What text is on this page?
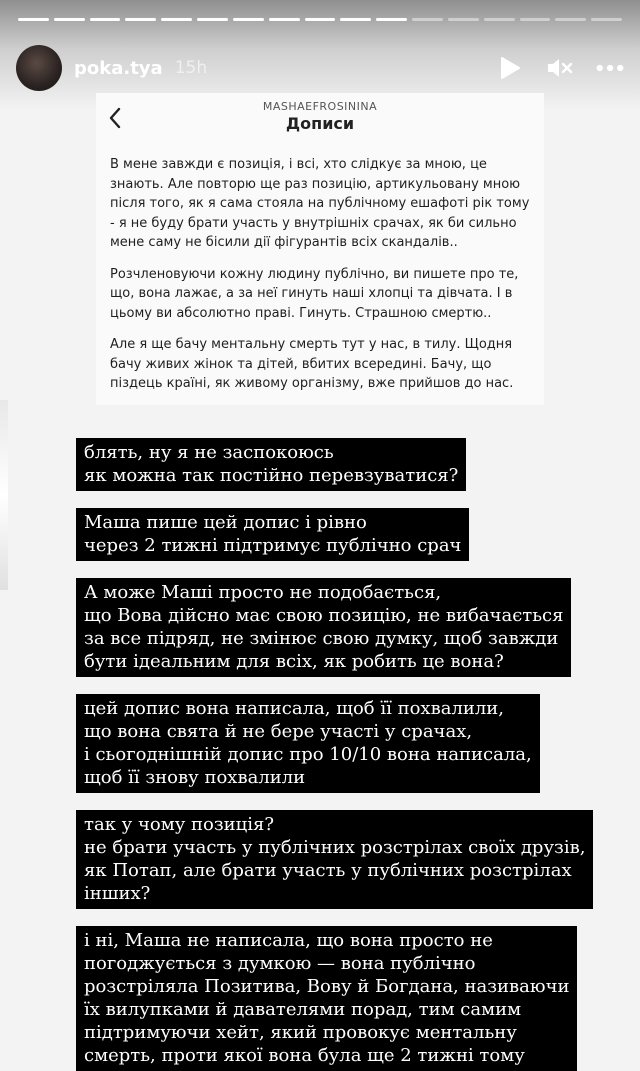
poka.tya 15h
MASHAEFROSININA
Дописи

В мене завжди є позиція, і всі, хто слідкує за мною, це знають. Але повторю ще раз позицію, артикульовану мною після того, як я сама стояла на публічному ешафоті рік тому - я не буду брати участь у внутрішніх срачах, як би сильно мене саму не бісили дії фігурантів всіх скандалів..

Розчленовуючи кожну людину публічно, ви пишете про те, що, вона лажає, а за неї гинуть наші хлопці та дівчата. І в цьому ви абсолютно праві. Гинуть. Страшною смертю..

Але я ще бачу ментальну смерть тут у нас, в тилу. Щодня бачу живих жінок та дітей, вбитих всередині. Бачу, що піздець країні, як живому організму, вже прийшов до нас.

блять, ну я не заспокоюсь
як можна так постійно перевзуватися?
Маша пише цей допис і рівно
через 2 тижні підтримує публічно срач
А може Маші просто не подобається,
що Вова дійсно має свою позицію, не вибачається
за все підряд, не змінює свою думку, щоб завжди
бути ідеальним для всіх, як робить це вона?
цей допис вона написала, щоб її похвалили,
що вона свята й не бере участі у срачах,
і сьогоднішній допис про 10/10 вона написала,
щоб її знову похвалили
так у чому позиція?
не брати участь у публічних розстрілах своїх друзів,
як Потап, але брати участь у публічних розстрілах
інших?
і ні, Маша не написала, що вона просто не
погоджується з думкою — вона публічно
розстріляла Позитива, Вову й Богдана, називаючи
їх вилупками й давателями порад, тим самим
підтримуючи хейт, який провокує ментальну
смерть, проти якої вона була ще 2 тижні тому
